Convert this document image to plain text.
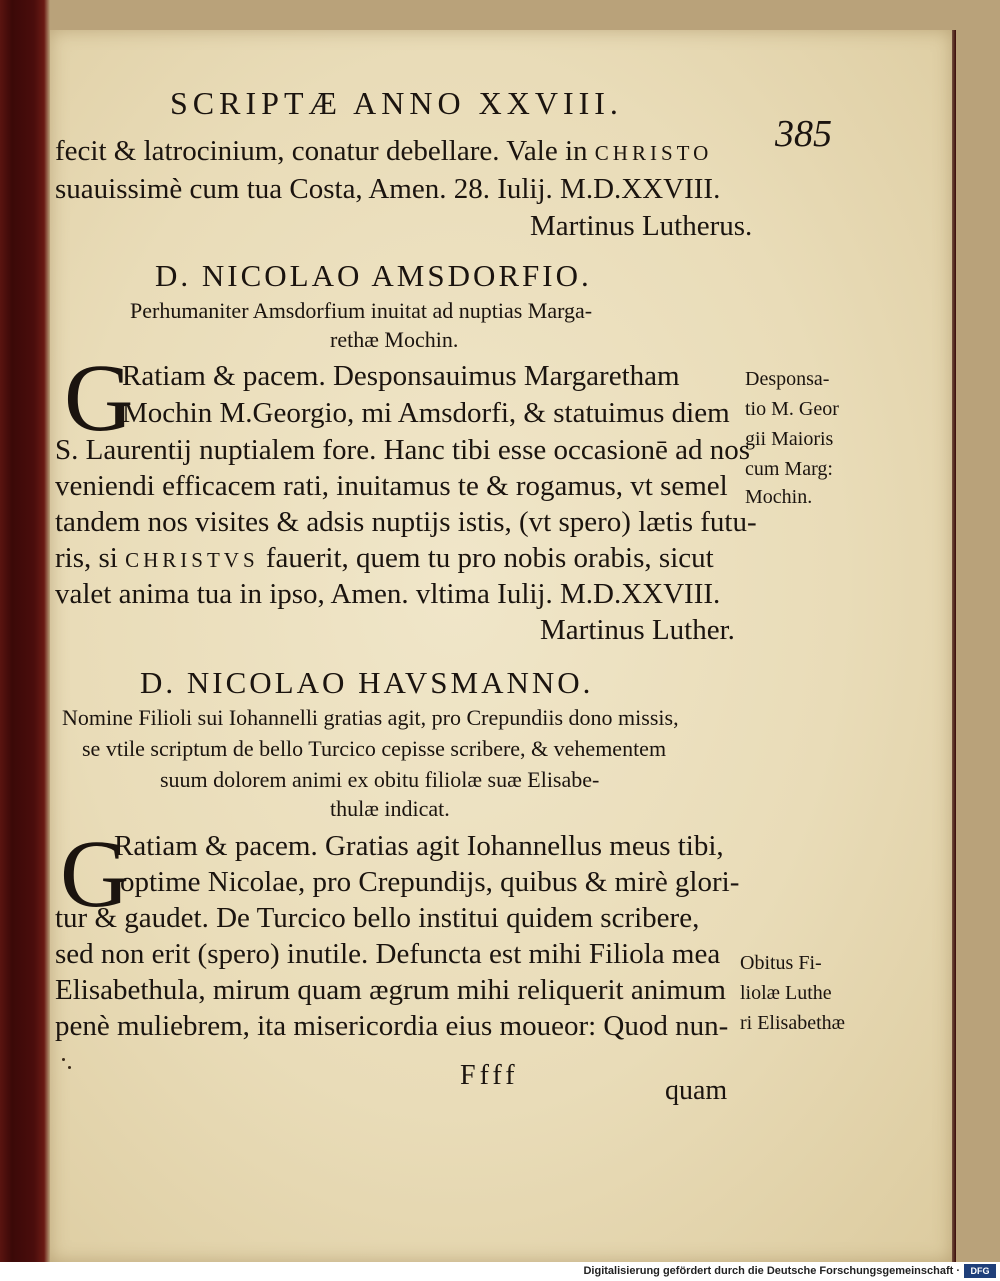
SCRIPTÆ ANNO XXVIII.
385
fecit & latrocinium, conatur debellare. Vale in CHRISTO
suauissimè cum tua Costa, Amen. 28. Iulij. M.D.XXVIII.
Martinus Lutherus.
D. NICOLAO AMSDORFIO.
Perhumaniter Amsdorfium inuitat ad nuptias Marga-
rethæ Mochin.
G
Ratiam & pacem. Desponsauimus Margaretham
Mochin M.Georgio, mi Amsdorfi, & statuimus diem
S. Laurentij nuptialem fore. Hanc tibi esse occasionē ad nos
veniendi efficacem rati, inuitamus te & rogamus, vt semel
tandem nos visites & adsis nuptijs istis, (vt spero) lætis futu-
ris, si CHRISTVS fauerit, quem tu pro nobis orabis, sicut
valet anima tua in ipso, Amen. vltima Iulij. M.D.XXVIII.
Martinus Luther.
Desponsa-
tio M. Geor
gii Maioris
cum Marg:
Mochin.
D. NICOLAO HAVSMANNO.
Nomine Filioli sui Iohannelli gratias agit, pro Crepundiis dono missis,
se vtile scriptum de bello Turcico cepisse scribere, & vehementem
suum dolorem animi ex obitu filiolæ suæ Elisabe-
thulæ indicat.
G
Ratiam & pacem. Gratias agit Iohannellus meus tibi,
optime Nicolae, pro Crepundijs, quibus & mirè glori-
tur & gaudet. De Turcico bello institui quidem scribere,
sed non erit (spero) inutile. Defuncta est mihi Filiola mea
Elisabethula, mirum quam ægrum mihi reliquerit animum
penè muliebrem, ita misericordia eius moueor: Quod nun-
Obitus Fi-
liolæ Luthe
ri Elisabethæ
Ffff	quam
Digitalisierung gefördert durch die Deutsche Forschungsgemeinschaft ·	DFG
